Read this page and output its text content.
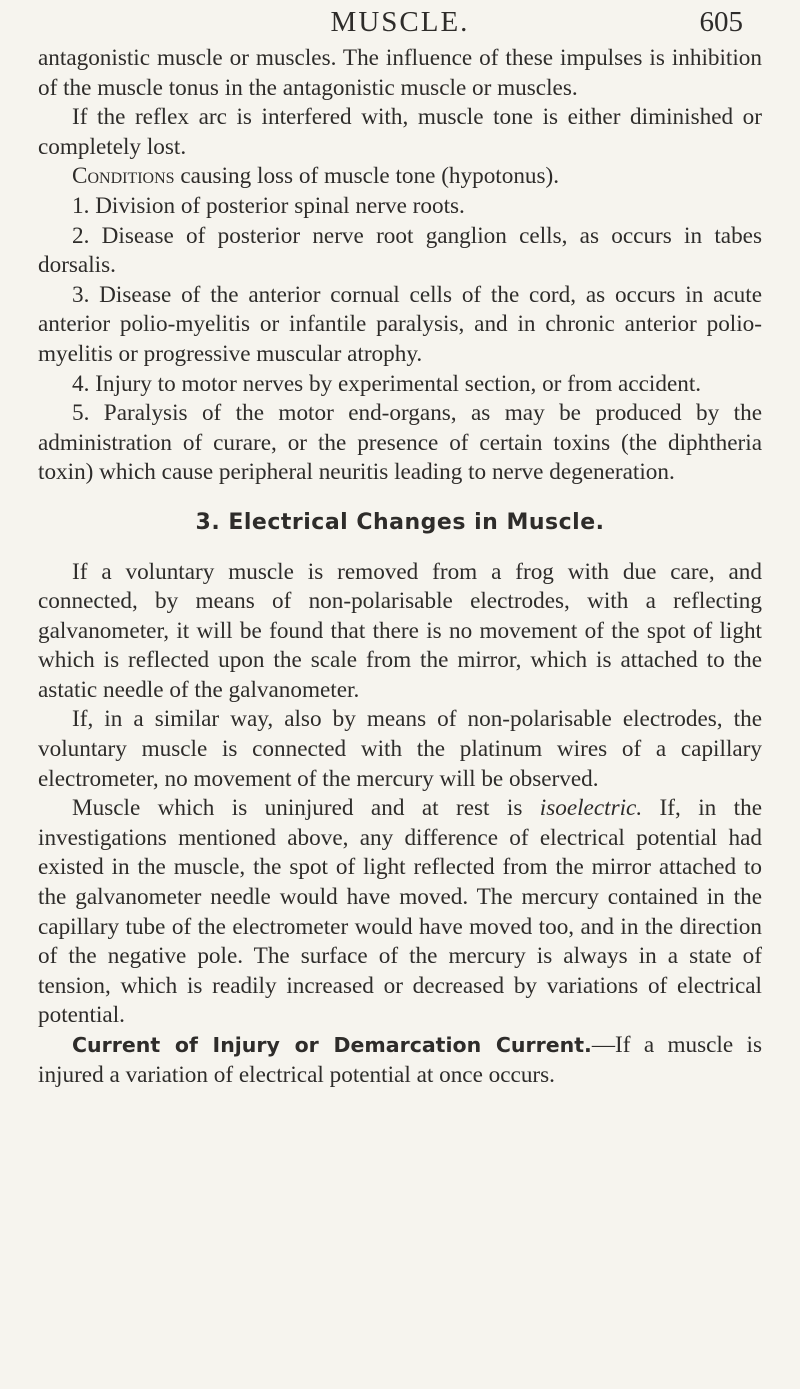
MUSCLE.	605

antagonistic muscle or muscles. The influence of these impulses is inhibition of the muscle tonus in the antagonistic muscle or muscles.

If the reflex arc is interfered with, muscle tone is either diminished or completely lost.

Conditions causing loss of muscle tone (hypotonus).

1. Division of posterior spinal nerve roots.

2. Disease of posterior nerve root ganglion cells, as occurs in tabes dorsalis.

3. Disease of the anterior cornual cells of the cord, as occurs in acute anterior polio-myelitis or infantile paralysis, and in chronic anterior polio-myelitis or progressive muscular atrophy.

4. Injury to motor nerves by experimental section, or from accident.

5. Paralysis of the motor end-organs, as may be produced by the administration of curare, or the presence of certain toxins (the diphtheria toxin) which cause peripheral neuritis leading to nerve degeneration.

3. Electrical Changes in Muscle.

If a voluntary muscle is removed from a frog with due care, and connected, by means of non-polarisable electrodes, with a reflecting galvanometer, it will be found that there is no movement of the spot of light which is reflected upon the scale from the mirror, which is attached to the astatic needle of the galvanometer.

If, in a similar way, also by means of non-polarisable electrodes, the voluntary muscle is connected with the platinum wires of a capillary electrometer, no movement of the mercury will be observed.

Muscle which is uninjured and at rest is isoelectric. If, in the investigations mentioned above, any difference of electrical potential had existed in the muscle, the spot of light reflected from the mirror attached to the galvanometer needle would have moved. The mercury contained in the capillary tube of the electrometer would have moved too, and in the direction of the negative pole. The surface of the mercury is always in a state of tension, which is readily increased or decreased by variations of electrical potential.

Current of Injury or Demarcation Current.—If a muscle is injured a variation of electrical potential at once occurs.
